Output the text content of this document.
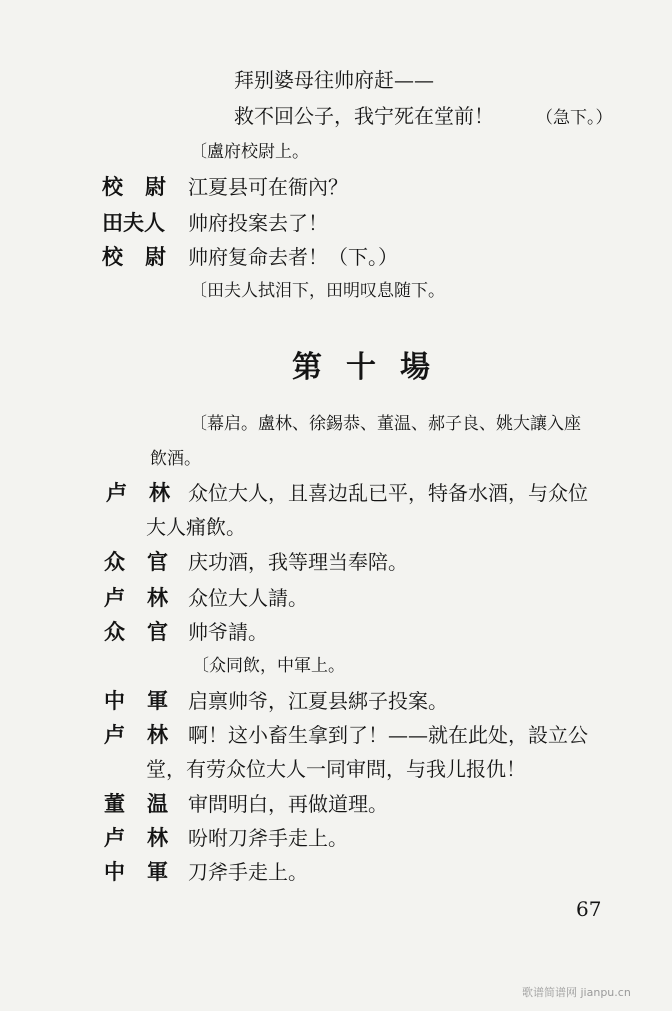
拜别婆母往帅府赶——
救不回公子，我宁死在堂前！ （急下。）
〔盧府校尉上。
校尉 江夏县可在衙內？
田夫人 帅府投案去了！
校尉 帅府复命去者！（下。）
〔田夫人拭泪下，田明叹息随下。
第十場
〔幕启。盧林、徐錫恭、董温、郝子良、姚大讓入座
飲酒。
卢林
众位大人，且喜边乱已平，特备水酒，与众位
大人痛飲。
众官
庆功酒，我等理当奉陪。
卢林
众位大人請。
众官
帅爷請。
〔众同飲，中軍上。
中軍
启禀帅爷，江夏县綁子投案。
卢林
啊！这小畜生拿到了！——就在此处，設立公
堂，有劳众位大人一同审問，与我儿报仇！
董温
审問明白，再做道理。
卢林
吩咐刀斧手走上。
中軍
刀斧手走上。
67
歌谱简谱网 jianpu.cn
